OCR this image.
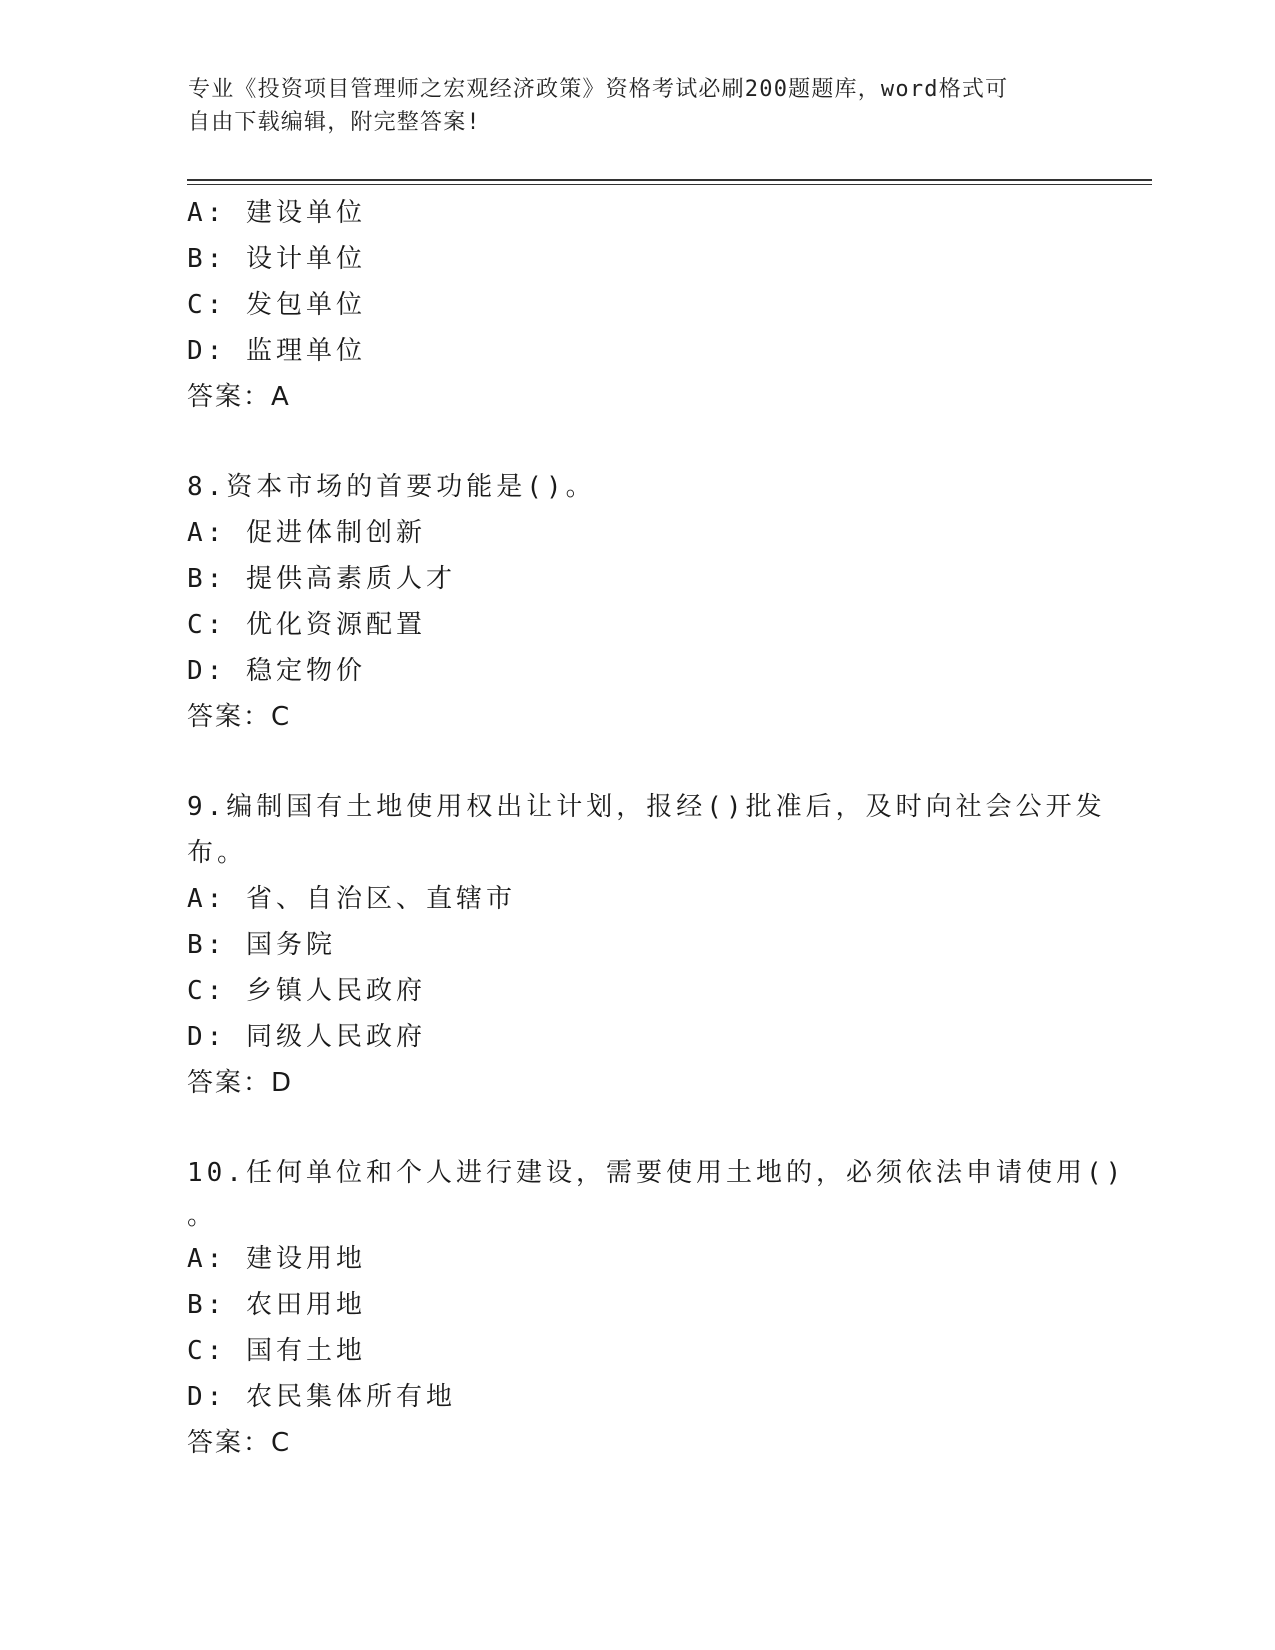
专业《投资项目管理师之宏观经济政策》资格考试必刷200题题库，word格式可
自由下载编辑，附完整答案!
A: 建设单位
B: 设计单位
C: 发包单位
D: 监理单位
答案：A
8.资本市场的首要功能是()。
A: 促进体制创新
B: 提供高素质人才
C: 优化资源配置
D: 稳定物价
答案：C
9.编制国有土地使用权出让计划，报经()批准后，及时向社会公开发
布。
A: 省、自治区、直辖市
B: 国务院
C: 乡镇人民政府
D: 同级人民政府
答案：D
10.任何单位和个人进行建设，需要使用土地的，必须依法申请使用()
。
A: 建设用地
B: 农田用地
C: 国有土地
D: 农民集体所有地
答案：C
